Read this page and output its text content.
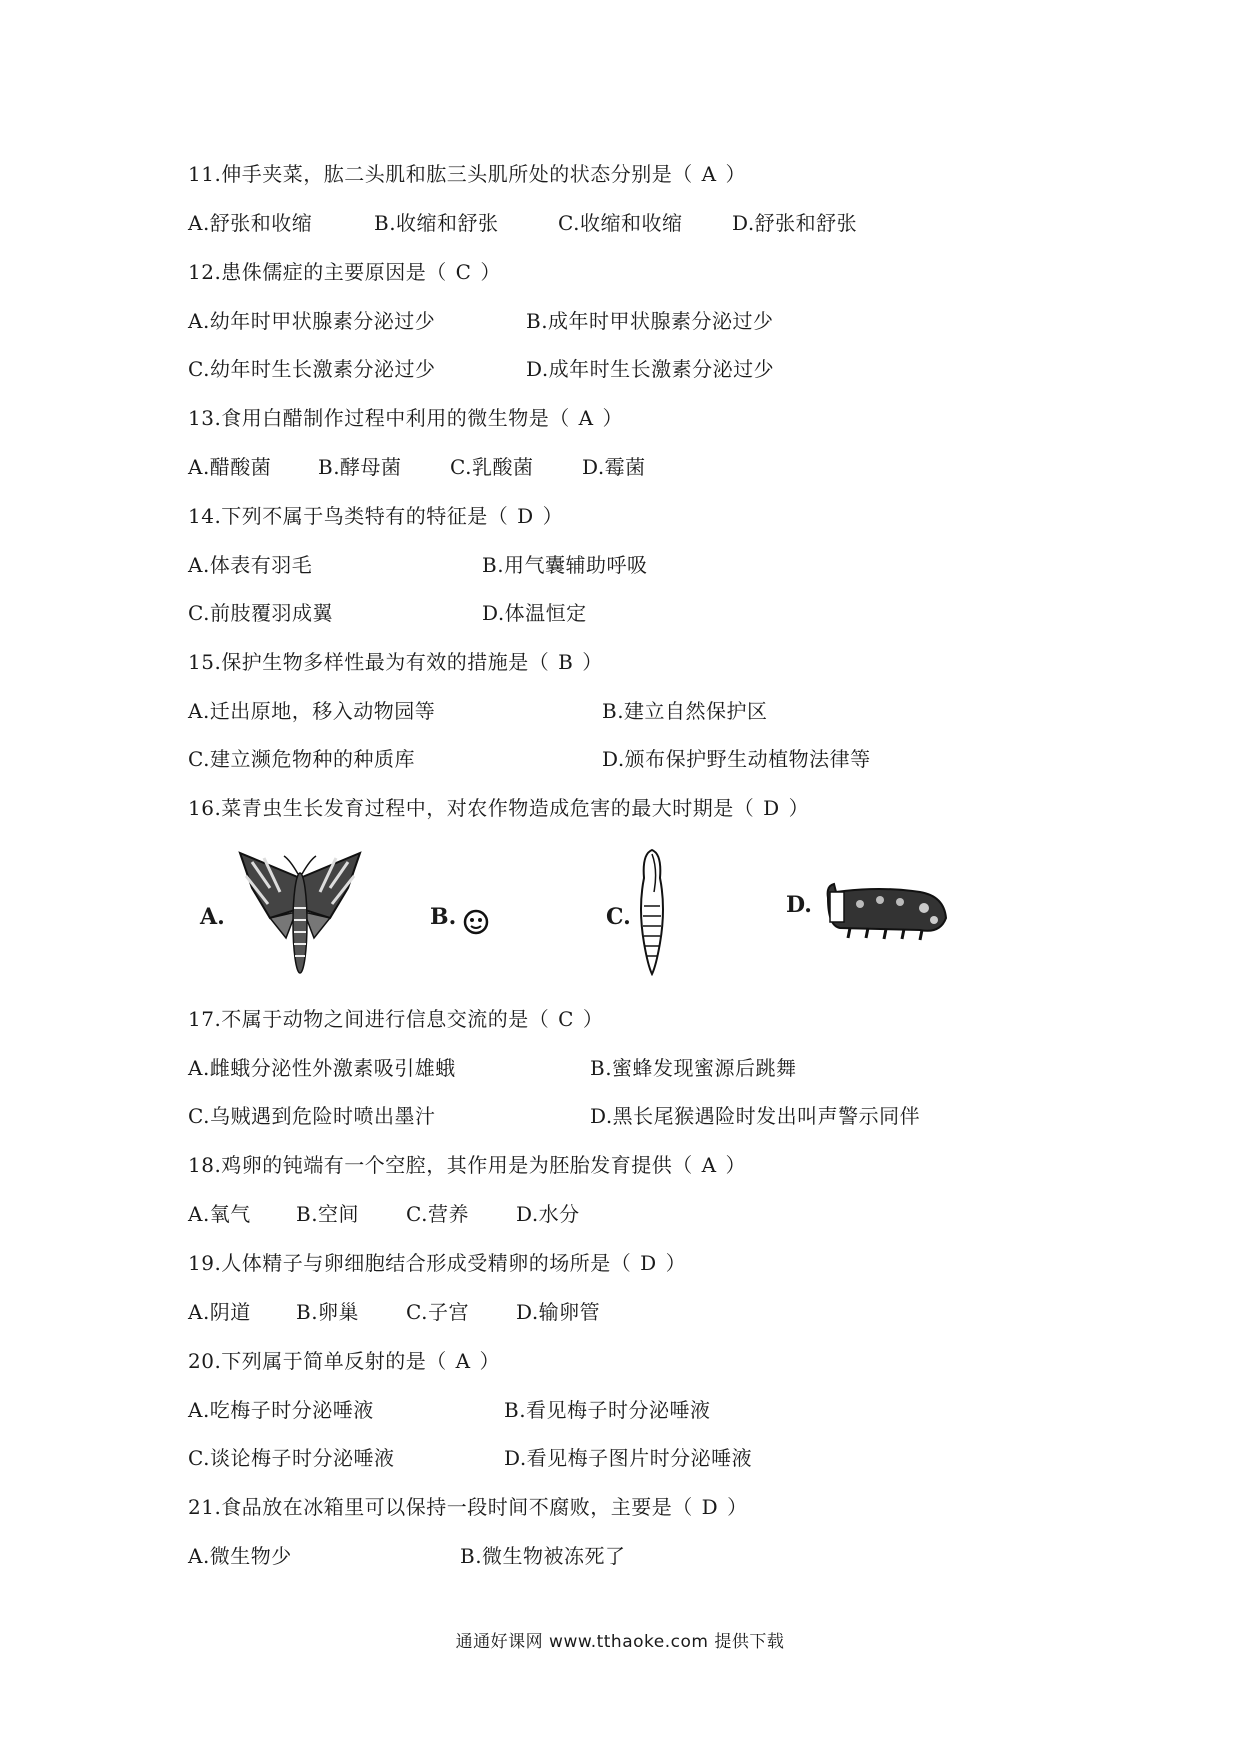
11.伸手夹菜，肱二头肌和肱三头肌所处的状态分别是（ A ）
A.舒张和收缩	B.收缩和舒张	C.收缩和收缩 D.舒张和舒张
12.患侏儒症的主要原因是（ C ）
A.幼年时甲状腺素分泌过少	B.成年时甲状腺素分泌过少
C.幼年时生长激素分泌过少	D.成年时生长激素分泌过少
13.食用白醋制作过程中利用的微生物是（ A ）
A.醋酸菌 B.酵母菌 C.乳酸菌 D.霉菌
14.下列不属于鸟类特有的特征是（ D ）
A.体表有羽毛	B.用气囊辅助呼吸
C.前肢覆羽成翼	D.体温恒定
15.保护生物多样性最为有效的措施是（ B ）
A.迁出原地，移入动物园等	B.建立自然保护区
C.建立濒危物种的种质库	D.颁布保护野生动植物法律等
16.菜青虫生长发育过程中，对农作物造成危害的最大时期是（ D ）
A.	B.	C.	D.
17.不属于动物之间进行信息交流的是（ C ）
A.雌蛾分泌性外激素吸引雄蛾	B.蜜蜂发现蜜源后跳舞
C.乌贼遇到危险时喷出墨汁	D.黑长尾猴遇险时发出叫声警示同伴
18.鸡卵的钝端有一个空腔，其作用是为胚胎发育提供（ A ）
A.氧气 B.空间 C.营养 D.水分
19.人体精子与卵细胞结合形成受精卵的场所是（ D ）
A.阴道 B.卵巢 C.子宫 D.输卵管
20.下列属于简单反射的是（ A ）
A.吃梅子时分泌唾液	B.看见梅子时分泌唾液
C.谈论梅子时分泌唾液	D.看见梅子图片时分泌唾液
21.食品放在冰箱里可以保持一段时间不腐败，主要是（ D ）
A.微生物少	B.微生物被冻死了
通通好课网 www.tthaoke.com 提供下载
